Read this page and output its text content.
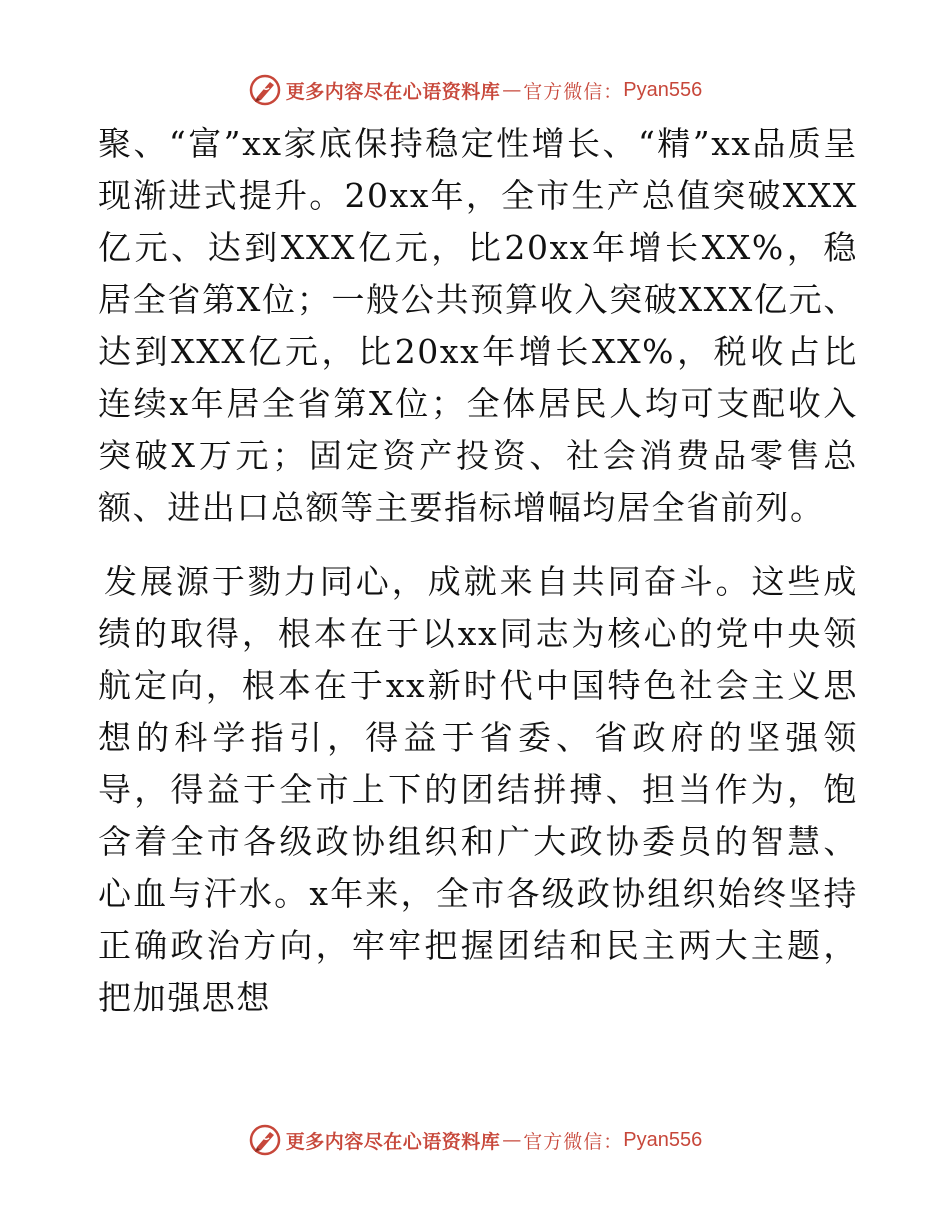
更多内容尽在心语资料库 — 官方微信： Pyan556

聚、“富”xx家底保持稳定性增长、“精”xx品质呈现渐进式提升。20xx年，全市生产总值突破XXX亿元、达到XXX亿元，比20xx年增长XX%，稳居全省第X位；一般公共预算收入突破XXX亿元、达到XXX亿元，比20xx年增长XX%，税收占比连续x年居全省第X位；全体居民人均可支配收入突破X万元；固定资产投资、社会消费品零售总额、进出口总额等主要指标增幅均居全省前列。

发展源于勠力同心，成就来自共同奋斗。这些成绩的取得，根本在于以xx同志为核心的党中央领航定向，根本在于xx新时代中国特色社会主义思想的科学指引，得益于省委、省政府的坚强领导，得益于全市上下的团结拼搏、担当作为，饱含着全市各级政协组织和广大政协委员的智慧、心血与汗水。x年来，全市各级政协组织始终坚持正确政治方向，牢牢把握团结和民主两大主题，把加强思想

更多内容尽在心语资料库 — 官方微信： Pyan556
